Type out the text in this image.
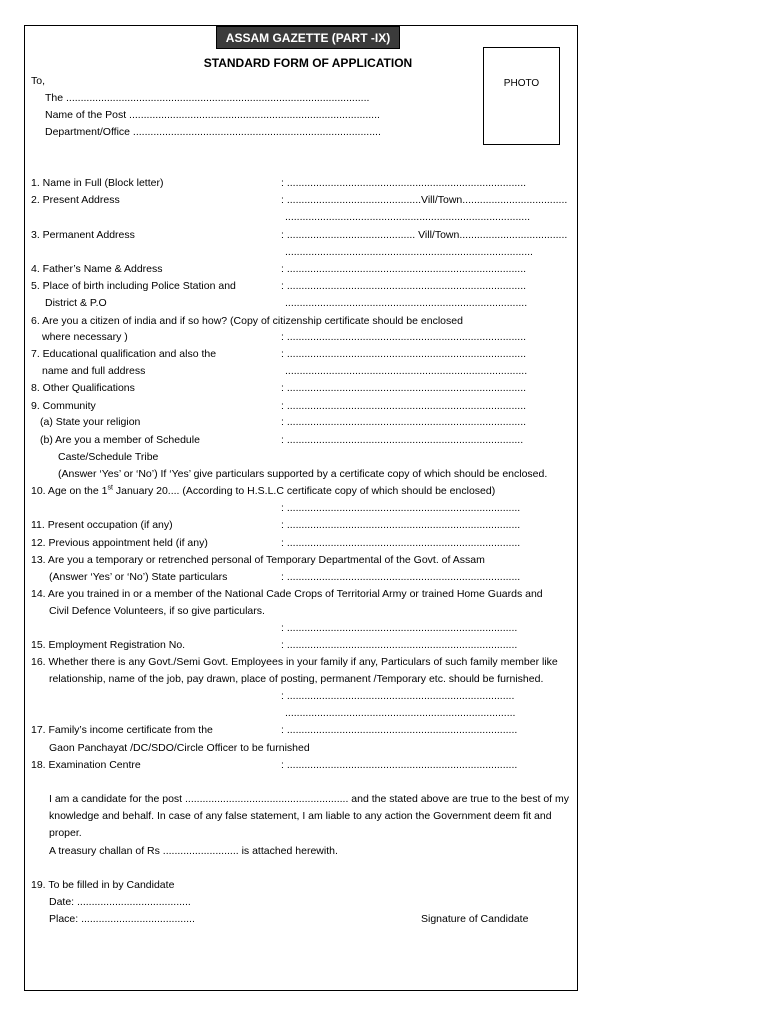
ASSAM GAZETTE (PART -IX)
STANDARD FORM OF APPLICATION
PHOTO
To,
The ........................................................................................................
Name of the Post ......................................................................................
Department/Office .....................................................................................
1. Name in Full (Block letter)	: ..................................................................................
2. Present Address	: ..............................................Vill/Town....................................
....................................................................................
3. Permanent Address	: ............................................ Vill/Town.....................................
.....................................................................................
4. Father’s Name & Address	: ..................................................................................
5. Place of birth including Police Station and	: ..................................................................................
District & P.O	...................................................................................
6. Are you a citizen of india and if so how? (Copy of citizenship certificate should be enclosed
where necessary )	: ..................................................................................
7. Educational qualification and also the	: ..................................................................................
name and full address	...................................................................................
8. Other Qualifications	: ..................................................................................
9. Community	: ..................................................................................
(a) State your religion	: ..................................................................................
(b) Are you a member of Schedule	: .................................................................................
Caste/Schedule Tribe
(Answer ‘Yes’ or ‘No’) If ‘Yes’ give particulars supported by a certificate copy of which should be enclosed.
10. Age on the 1st January 20.... (According to H.S.L.C certificate copy of which should be enclosed)
: ................................................................................
11. Present occupation (if any)	: ................................................................................
12. Previous appointment held (if any)	: ................................................................................
13. Are you a temporary or retrenched personal of Temporary Departmental of the Govt. of Assam
(Answer ‘Yes’ or ‘No’) State particulars	: ................................................................................
14. Are you trained in or a member of the National Cade Crops of Territorial Army or trained Home Guards and
Civil Defence Volunteers, if so give particulars.
: ...............................................................................
15. Employment Registration No.	: ...............................................................................
16. Whether there is any Govt./Semi Govt. Employees in your family if any, Particulars of such family member like
relationship, name of the job, pay drawn, place of posting, permanent /Temporary etc. should be furnished.
: ..............................................................................
...............................................................................
17. Family’s income certificate from the	: ...............................................................................
Gaon Panchayat /DC/SDO/Circle Officer to be furnished
18. Examination Centre	: ...............................................................................
I am a candidate for the post ........................................................ and the stated above are true to the best of my
knowledge and behalf. In case of any false statement, I am liable to any action the Government deem fit and
proper.
A treasury challan of Rs .......................... is attached herewith.
19. To be filled in by Candidate
Date: .......................................
Place: .......................................	Signature of Candidate
